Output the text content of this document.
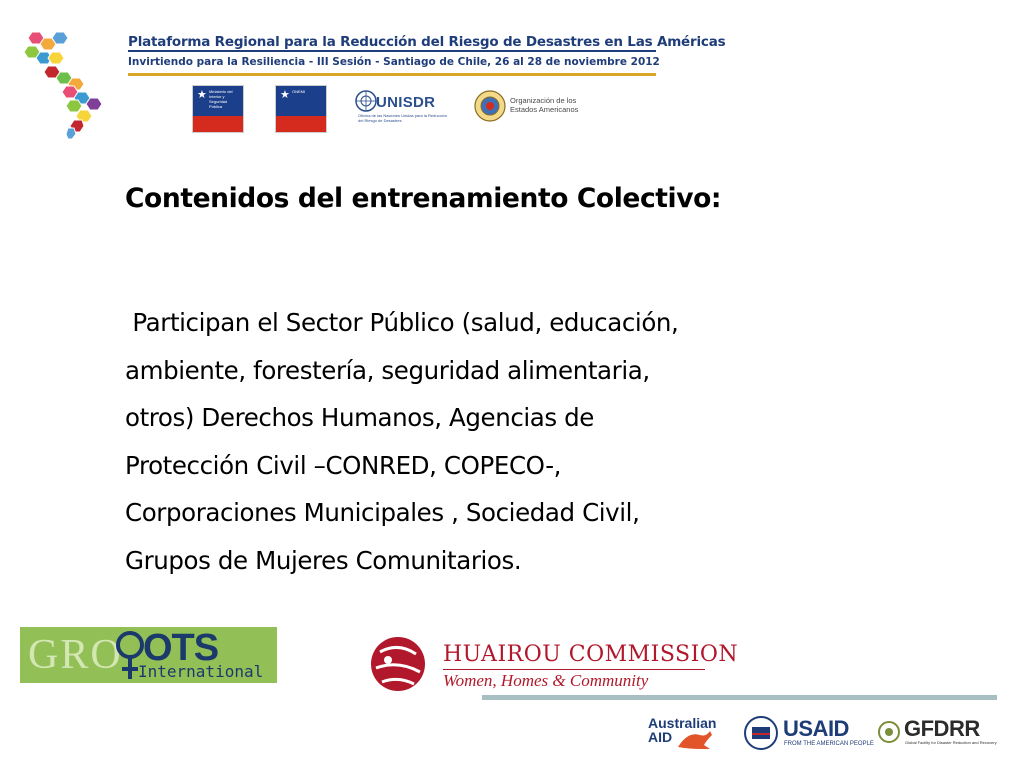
Plataforma Regional para la Reducción del Riesgo de Desastres en Las Américas
Invirtiendo para la Resiliencia - III Sesión - Santiago de Chile, 26 al 28 de noviembre 2012
★ Ministerio del Interior y Seguridad Pública
★ ONEMI
UNISDR
Oficina de las Naciones Unidas para la Reducción del Riesgo de Desastres
Organización de los Estados Americanos
Contenidos del entrenamiento Colectivo:
Participan el Sector Público (salud, educación,
ambiente, forestería, seguridad alimentaria,
otros) Derechos Humanos, Agencias de
Protección Civil –CONRED, COPECO-,
Corporaciones Municipales , Sociedad Civil,
Grupos de Mujeres Comunitarios.
GRO OTS
International
HUAIROU COMMISSION
Women, Homes & Community
Australian
AID	USAID
FROM THE AMERICAN PEOPLE
GFDRR
Global Facility for Disaster Reduction and Recovery
